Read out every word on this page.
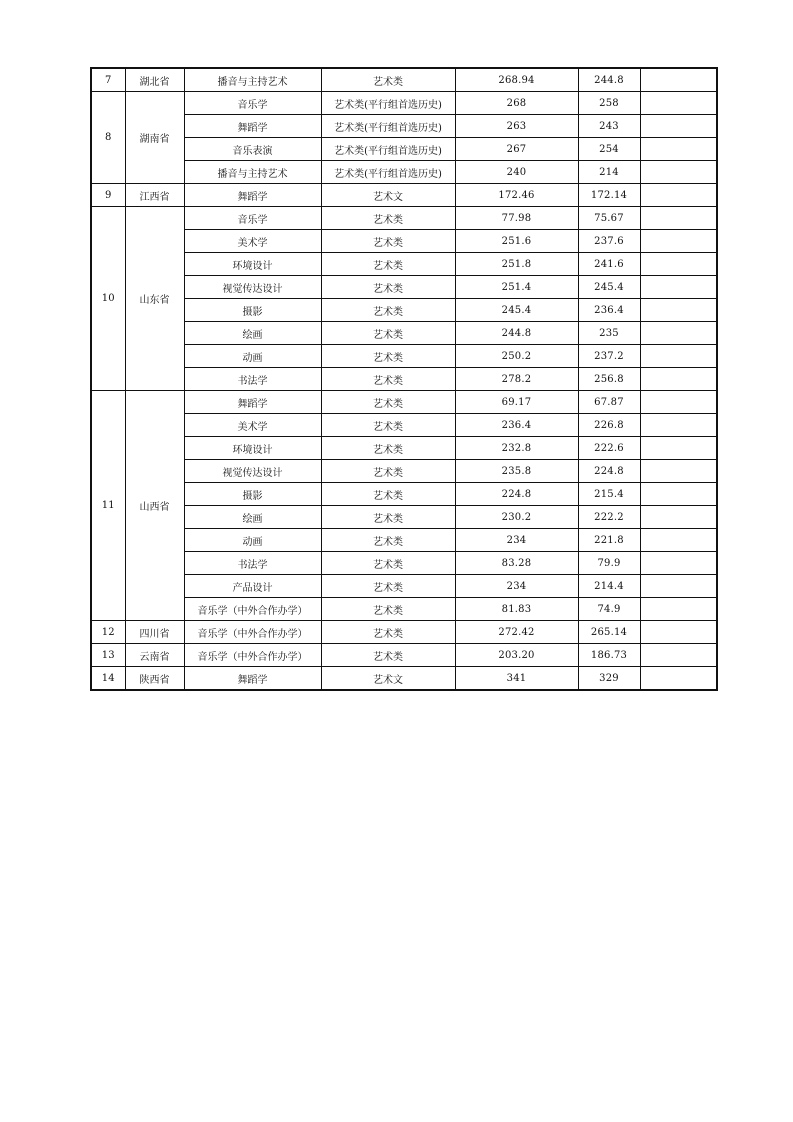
7	湖北省	播音与主持艺术	艺术类	268.94	244.8	
8	湖南省	音乐学	艺术类(平行组首选历史)	268	258	
		舞蹈学	艺术类(平行组首选历史)	263	243	
		音乐表演	艺术类(平行组首选历史)	267	254	
		播音与主持艺术	艺术类(平行组首选历史)	240	214	
9	江西省	舞蹈学	艺术文	172.46	172.14	
10	山东省	音乐学	艺术类	77.98	75.67	
		美术学	艺术类	251.6	237.6	
		环境设计	艺术类	251.8	241.6	
		视觉传达设计	艺术类	251.4	245.4	
		摄影	艺术类	245.4	236.4	
		绘画	艺术类	244.8	235	
		动画	艺术类	250.2	237.2	
		书法学	艺术类	278.2	256.8	
11	山西省	舞蹈学	艺术类	69.17	67.87	
		美术学	艺术类	236.4	226.8	
		环境设计	艺术类	232.8	222.6	
		视觉传达设计	艺术类	235.8	224.8	
		摄影	艺术类	224.8	215.4	
		绘画	艺术类	230.2	222.2	
		动画	艺术类	234	221.8	
		书法学	艺术类	83.28	79.9	
		产品设计	艺术类	234	214.4	
		音乐学（中外合作办学）	艺术类	81.83	74.9	
12	四川省	音乐学（中外合作办学）	艺术类	272.42	265.14	
13	云南省	音乐学（中外合作办学）	艺术类	203.20	186.73	
14	陕西省	舞蹈学	艺术文	341	329	
